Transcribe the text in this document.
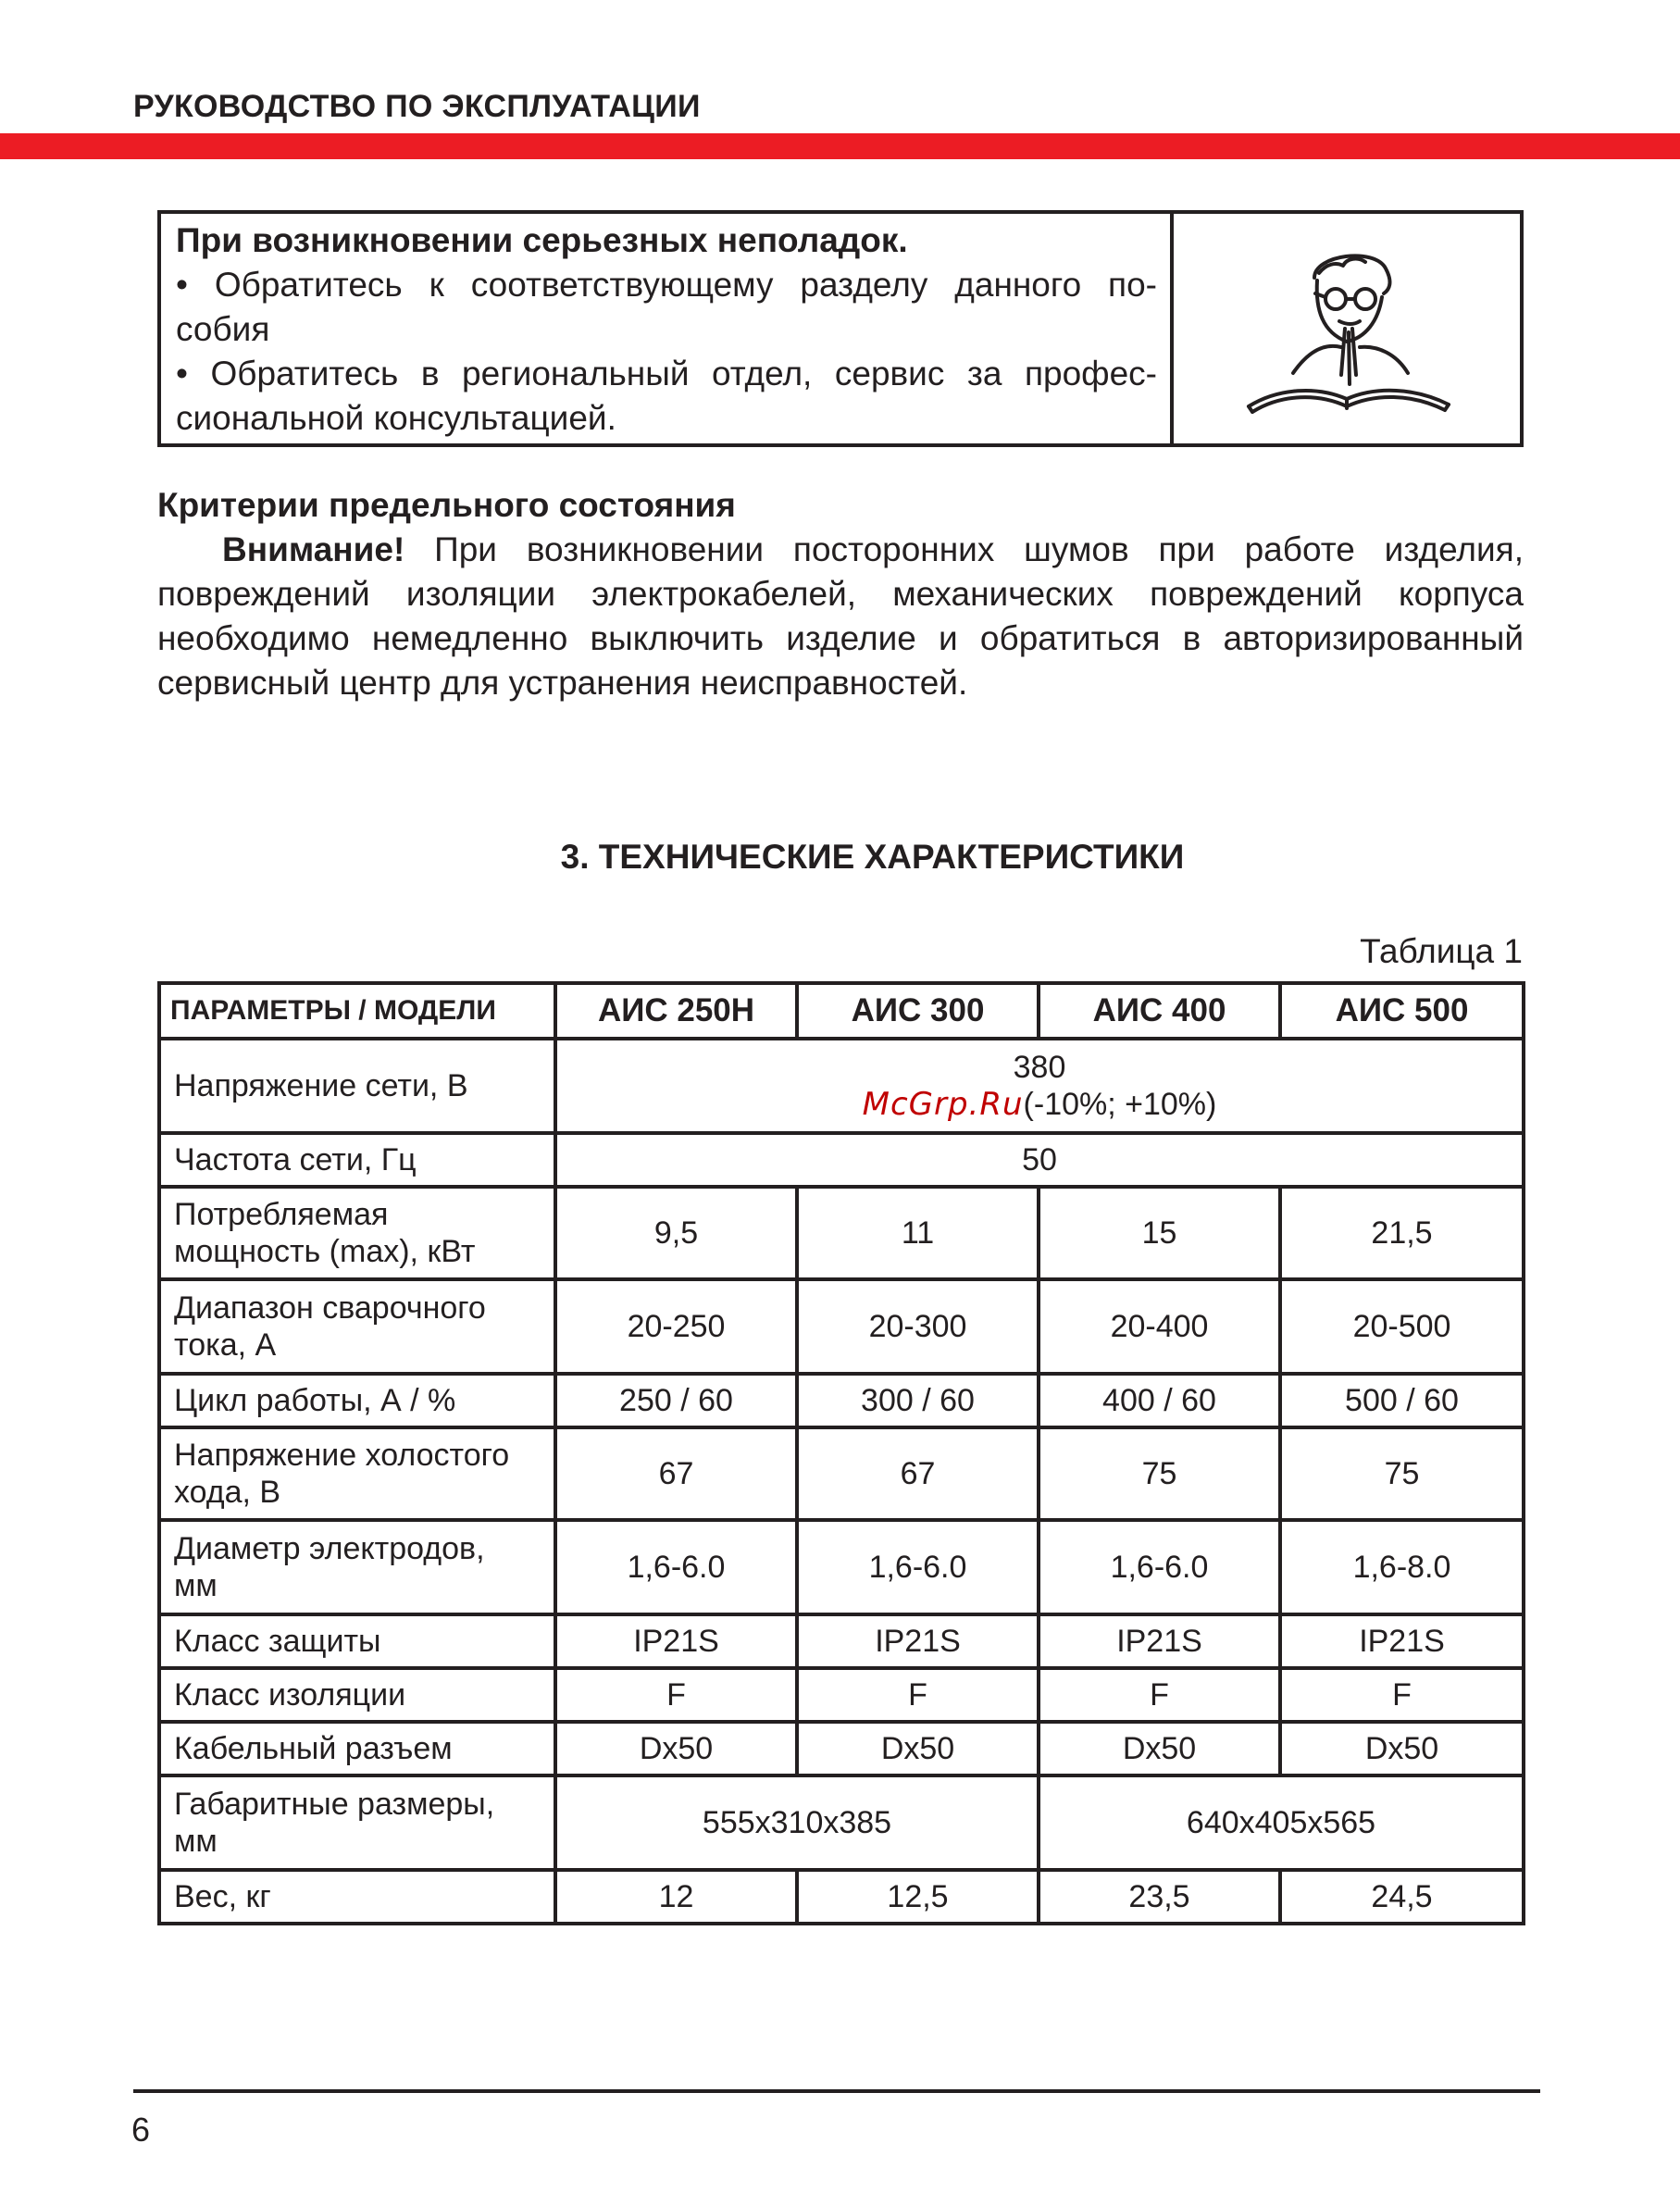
РУКОВОДСТВО ПО ЭКСПЛУАТАЦИИ
При возникновении серьезных неполадок.
• Обратитесь к соответствующему разделу данного по-
собия
• Обратитесь в региональный отдел, сервис за профес-
сиональной консультацией.
Критерии предельного состояния
Внимание! При возникновении посторонних шумов при работе изделия, повреждений изоляции электрокабелей, механических повреждений корпуса необходимо немедленно выключить изделие и обратиться в авторизированный сервисный центр для устранения неисправностей.
3. ТЕХНИЧЕСКИЕ ХАРАКТЕРИСТИКИ
Таблица 1
ПАРАМЕТРЫ / МОДЕЛИ	АИС 250Н	АИС 300	АИС 400	АИС 500
Напряжение сети, В	380
McGrp.Ru(-10%; +10%)			

Частота сети, Гц	50			

Потребляемая
мощность (max), кВт	9,5	11	15	21,5

Диапазон сварочного
тока, А	20-250	20-300	20-400	20-500
Цикл работы, А / %	250 / 60	300 / 60	400 / 60	500 / 60

Напряжение холостого
хода, В	67	67	75	75

Диаметр электродов,
мм	1,6-6.0	1,6-6.0	1,6-6.0	1,6-8.0
Класс защиты	IP21S	IP21S	IP21S	IP21S
Класс изоляции	F	F	F	F
Кабельный разъем	Dx50	Dx50	Dx50	Dx50

Габаритные размеры,
мм	555x310x385		640x405x565	
Вес, кг	12	12,5	23,5	24,5
6
